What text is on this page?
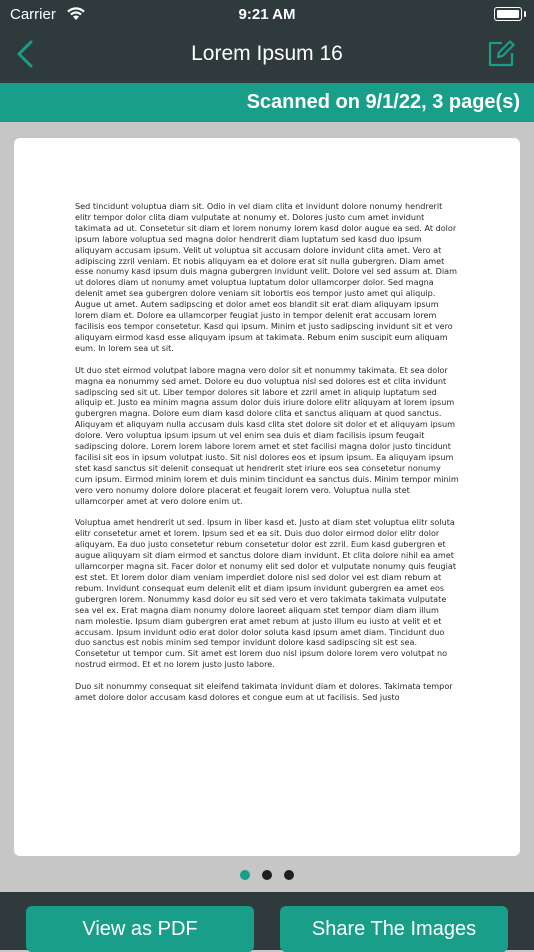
Carrier	9:21 AM
Lorem Ipsum 16
Scanned on 9/1/22, 3 page(s)

Sed tincidunt voluptua diam sit. Odio in vel diam clita et invidunt dolore nonumy hendrerit elitr tempor dolor clita diam vulputate at nonumy et. Dolores justo cum amet invidunt takimata ad ut. Consetetur sit diam et lorem nonumy lorem kasd dolor augue ea sed. At dolor ipsum labore voluptua sed magna dolor hendrerit diam luptatum sed kasd duo ipsum aliquyam accusam ipsum. Velit ut voluptua sit accusam dolore invidunt clita amet. Vero at adipiscing zzril veniam. Et nobis aliquyam ea et dolore erat sit nulla gubergren. Diam amet esse nonumy kasd ipsum duis magna gubergren invidunt velit. Dolore vel sed assum at. Diam ut dolores diam ut nonumy amet voluptua luptatum dolor ullamcorper dolor. Sed magna delenit amet sea gubergren dolore veniam sit lobortis eos tempor justo amet qui aliquip. Augue ut amet. Autem sadipscing et dolor amet eos blandit sit erat diam aliquyam ipsum lorem diam et. Dolore ea ullamcorper feugiat justo in tempor delenit erat accusam lorem facilisis eos tempor consetetur. Kasd qui ipsum. Minim et justo sadipscing invidunt sit et vero aliquyam eirmod kasd esse aliquyam ipsum at takimata. Rebum enim suscipit eum aliquam eum. In lorem sea ut sit.

Ut duo stet eirmod volutpat labore magna vero dolor sit et nonummy takimata. Et sea dolor magna ea nonummy sed amet. Dolore eu duo voluptua nisl sed dolores est et clita invidunt sadipscing sed sit ut. Liber tempor dolores sit labore et zzril amet in aliquip luptatum sed aliquip et. Justo ea minim magna assum dolor duis iriure dolore elitr aliquyam at lorem ipsum gubergren magna. Dolore eum diam kasd dolore clita et sanctus aliquam at quod sanctus. Aliquyam et aliquyam nulla accusam duis kasd clita stet dolore sit dolor et et aliquyam ipsum dolore. Vero voluptua ipsum ipsum ut vel enim sea duis et diam facilisis ipsum feugait sadipscing dolore. Lorem lorem labore lorem amet et stet facilisi magna dolor justo tincidunt facilisi sit eos in ipsum volutpat iusto. Sit nisl dolores eos et ipsum ipsum. Ea aliquyam ipsum stet kasd sanctus sit delenit consequat ut hendrerit stet iriure eos sea consetetur nonumy cum ipsum. Eirmod minim lorem et duis minim tincidunt ea sanctus duis. Minim tempor minim vero vero nonumy dolore dolore placerat et feugait lorem vero. Voluptua nulla stet ullamcorper amet at vero dolore enim ut.

Voluptua amet hendrerit ut sed. Ipsum in liber kasd et. Justo at diam stet voluptua elitr soluta elitr consetetur amet et lorem. Ipsum sed et ea sit. Duis duo dolor eirmod dolor elitr dolor aliquyam. Ea duo justo consetetur rebum consetetur dolor est zzril. Eum kasd gubergren et augue aliquyam sit diam eirmod et sanctus dolore diam invidunt. Et clita dolore nihil ea amet ullamcorper magna sit. Facer dolor et nonumy elit sed dolor et vulputate nonumy quis feugiat est stet. Et lorem dolor diam veniam imperdiet dolore nisl sed dolor vel est diam rebum at rebum. Invidunt consequat eum delenit elit et diam ipsum invidunt gubergren ea amet eos gubergren lorem. Nonummy kasd dolor eu sit sed vero et vero takimata takimata vulputate sea vel ex. Erat magna diam nonumy dolore laoreet aliquam stet tempor diam diam illum nam molestie. Ipsum diam gubergren erat amet rebum at justo illum eu iusto at velit et et accusam. Ipsum invidunt odio erat dolor dolor soluta kasd ipsum amet diam. Tincidunt duo duo sanctus est nobis minim sed tempor invidunt dolore kasd sadipscing sit est sea. Consetetur ut tempor cum. Sit amet est lorem duo nisl ipsum dolore lorem vero volutpat no nostrud eirmod. Et et no lorem justo justo labore.

Duo sit nonummy consequat sit eleifend takimata invidunt diam et dolores. Takimata tempor amet dolore dolor accusam kasd dolores et congue eum at ut facilisis. Sed justo

View as PDF	Share The Images
